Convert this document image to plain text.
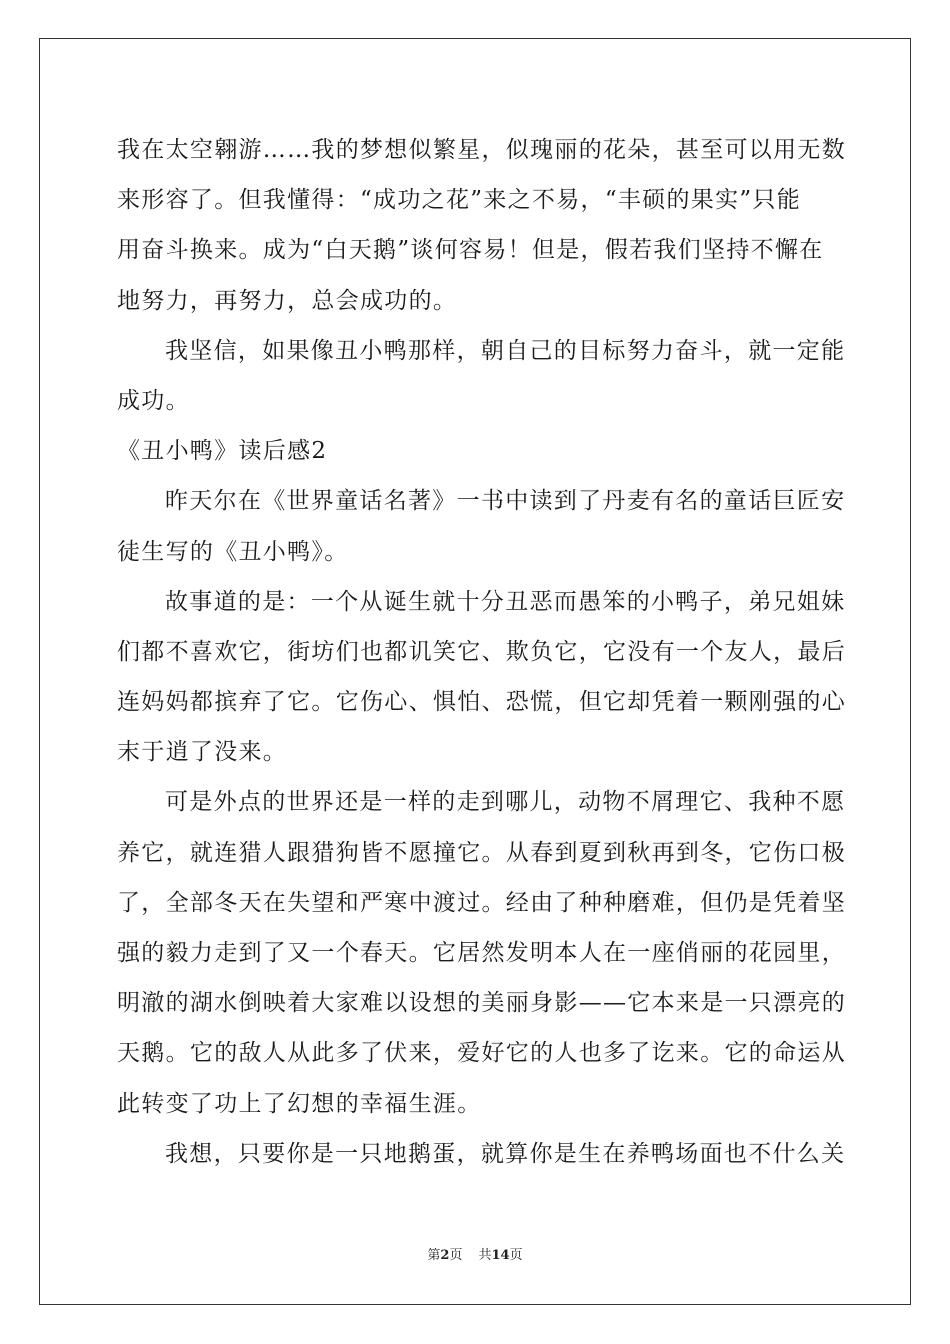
我在太空翱游……我的梦想似繁星，似瑰丽的花朵，甚至可以用无数
来形容了。但我懂得：“成功之花”来之不易，“丰硕的果实”只能
用奋斗换来。成为“白天鹅”谈何容易！但是，假若我们坚持不懈在
地努力，再努力，总会成功的。
我坚信，如果像丑小鸭那样，朝自己的目标努力奋斗，就一定能
成功。
《丑小鸭》读后感2
昨天尔在《世界童话名著》一书中读到了丹麦有名的童话巨匠安
徒生写的《丑小鸭》。
故事道的是：一个从诞生就十分丑恶而愚笨的小鸭子，弟兄姐妹
们都不喜欢它，街坊们也都讥笑它、欺负它，它没有一个友人，最后
连妈妈都摈弃了它。它伤心、惧怕、恐慌，但它却凭着一颗刚强的心
末于逍了没来。
可是外点的世界还是一样的走到哪儿，动物不屑理它、我种不愿
养它，就连猎人跟猎狗皆不愿撞它。从春到夏到秋再到冬，它伤口极
了，全部冬天在失望和严寒中渡过。经由了种种磨难，但仍是凭着坚
强的毅力走到了又一个春天。它居然发明本人在一座俏丽的花园里，
明澈的湖水倒映着大家难以设想的美丽身影——它本来是一只漂亮的
天鹅。它的敌人从此多了伏来，爱好它的人也多了讫来。它的命运从
此转变了功上了幻想的幸福生涯。
我想，只要你是一只地鹅蛋，就算你是生在养鸭场面也不什么关
第2页 共14页
